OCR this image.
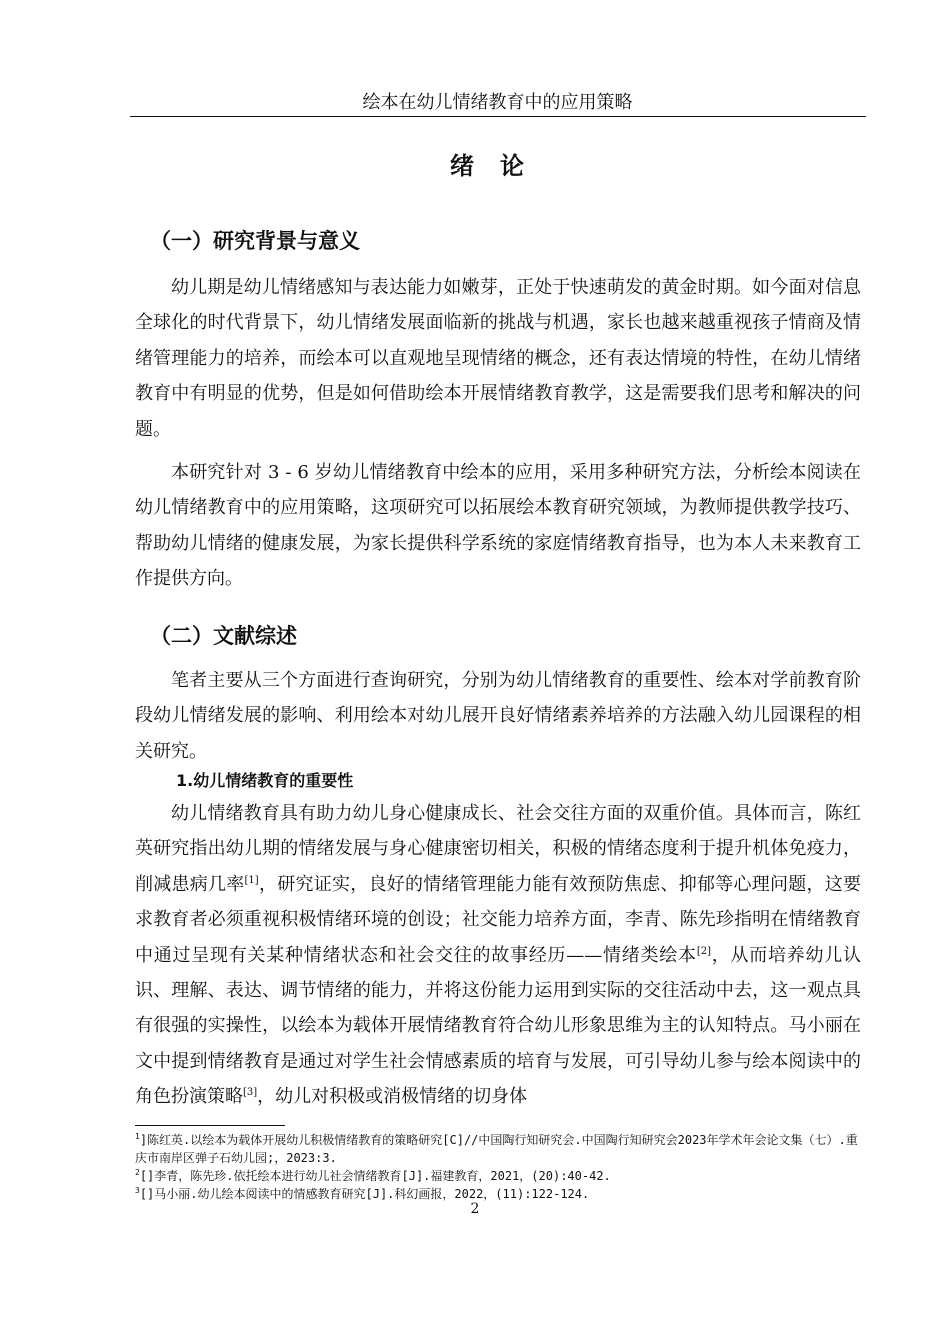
绘本在幼儿情绪教育中的应用策略
绪论
（一）研究背景与意义

幼儿期是幼儿情绪感知与表达能力如嫩芽，正处于快速萌发的黄金时期。如今面对信息全球化的时代背景下，幼儿情绪发展面临新的挑战与机遇，家长也越来越重视孩子情商及情绪管理能力的培养，而绘本可以直观地呈现情绪的概念，还有表达情境的特性，在幼儿情绪教育中有明显的优势，但是如何借助绘本开展情绪教育教学，这是需要我们思考和解决的问题。

本研究针对 3 - 6 岁幼儿情绪教育中绘本的应用，采用多种研究方法，分析绘本阅读在幼儿情绪教育中的应用策略，这项研究可以拓展绘本教育研究领域，为教师提供教学技巧、帮助幼儿情绪的健康发展，为家长提供科学系统的家庭情绪教育指导，也为本人未来教育工作提供方向。

（二）文献综述

笔者主要从三个方面进行查询研究，分别为幼儿情绪教育的重要性、绘本对学前教育阶段幼儿情绪发展的影响、利用绘本对幼儿展开良好情绪素养培养的方法融入幼儿园课程的相关研究。

1.幼儿情绪教育的重要性

幼儿情绪教育具有助力幼儿身心健康成长、社会交往方面的双重价值。具体而言，陈红英研究指出幼儿期的情绪发展与身心健康密切相关，积极的情绪态度利于提升机体免疫力，削减患病几率[1]，研究证实，良好的情绪管理能力能有效预防焦虑、抑郁等心理问题，这要求教育者必须重视积极情绪环境的创设；社交能力培养方面，李青、陈先珍指明在情绪教育中通过呈现有关某种情绪状态和社会交往的故事经历——情绪类绘本[2]，从而培养幼儿认识、理解、表达、调节情绪的能力，并将这份能力运用到实际的交往活动中去，这一观点具有很强的实操性，以绘本为载体开展情绪教育符合幼儿形象思维为主的认知特点。马小丽在文中提到情绪教育是通过对学生社会情感素质的培育与发展，可引导幼儿参与绘本阅读中的角色扮演策略[3]，幼儿对积极或消极情绪的切身体

$^1$]陈红英.以绘本为载体开展幼儿积极情绪教育的策略研究[C]//中国陶行知研究会.中国陶行知研究会2023年学术年会论文集（七）.重庆市南岸区弹子石幼儿园;，2023:3.

$^2$[]李青，陈先珍.依托绘本进行幼儿社会情绪教育[J].福建教育，2021，(20):40-42.

$^3$[]马小丽.幼儿绘本阅读中的情感教育研究[J].科幻画报，2022，(11):122-124.

2
